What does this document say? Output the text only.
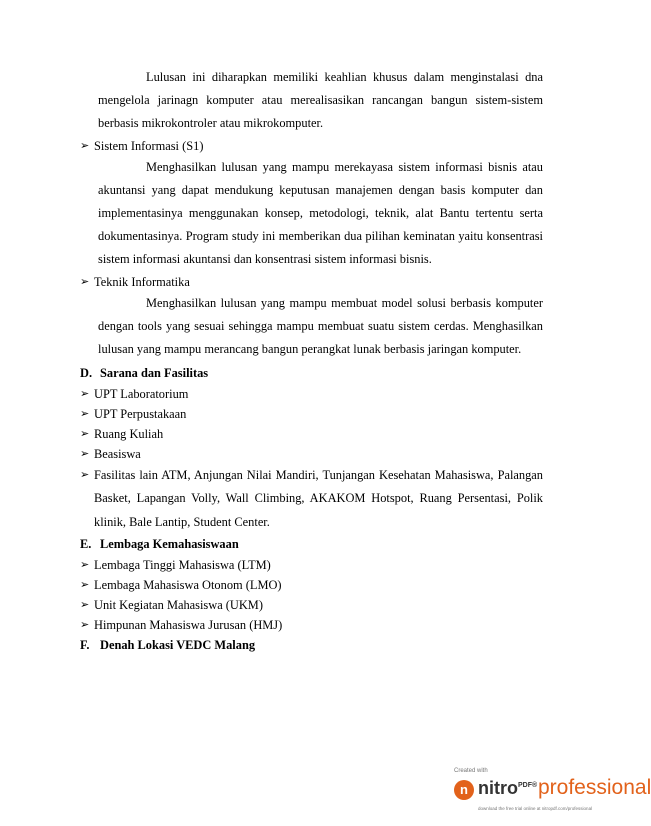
Lulusan ini diharapkan memiliki keahlian khusus dalam menginstalasi dna mengelola jarinagn komputer atau merealisasikan rancangan bangun sistem-sistem berbasis mikrokontroler atau mikrokomputer.

➢ Sistem Informasi (S1)

Menghasilkan lulusan yang mampu merekayasa sistem informasi bisnis atau akuntansi yang dapat mendukung keputusan manajemen dengan basis komputer dan implementasinya menggunakan konsep, metodologi, teknik, alat Bantu tertentu serta dokumentasinya. Program study ini memberikan dua pilihan keminatan yaitu konsentrasi sistem informasi akuntansi dan konsentrasi sistem informasi bisnis.

➢ Teknik Informatika

Menghasilkan lulusan yang mampu membuat model solusi berbasis komputer dengan tools yang sesuai sehingga mampu membuat suatu sistem cerdas. Menghasilkan lulusan yang mampu merancang bangun perangkat lunak berbasis jaringan komputer.

D. Sarana dan Fasilitas

➢ UPT Laboratorium
➢ UPT Perpustakaan
➢ Ruang Kuliah
➢ Beasiswa
➢ Fasilitas lain ATM, Anjungan Nilai Mandiri, Tunjangan Kesehatan Mahasiswa, Palangan Basket, Lapangan Volly, Wall Climbing, AKAKOM Hotspot, Ruang Persentasi, Polik klinik, Bale Lantip, Student Center.

E. Lembaga Kemahasiswaan

➢ Lembaga Tinggi Mahasiswa (LTM)
➢ Lembaga Mahasiswa Otonom (LMO)
➢ Unit Kegiatan Mahasiswa (UKM)
➢ Himpunan Mahasiswa Jurusan (HMJ)

F. Denah Lokasi VEDC Malang

Created with
n nitro$^{PDF®}$ professional
download the free trial online at nitropdf.com/professional
